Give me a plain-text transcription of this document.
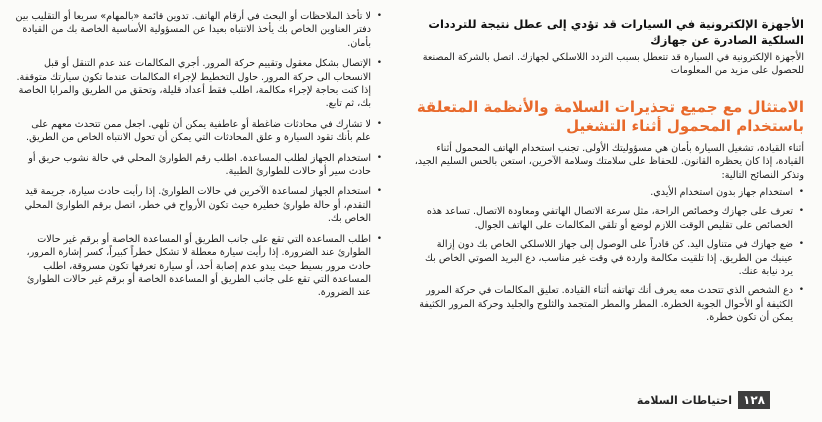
الأجهزة الإلكترونية في السيارات قد تؤدي إلى عطل نتيجة للترددات السلكية الصادرة عن جهازك

الأجهزة الإلكترونية في السيارة قد تتعطل بسبب التردد اللاسلكي لجهازك. اتصل بالشركة المصنعة للحصول على مزيد من المعلومات

الامتثال مع جميع تحذيرات السلامة والأنظمة المتعلقة باستخدام المحمول أثناء التشغيل

أثناء القيادة، تشغيل السيارة بأمان هي مسؤوليتك الأولى. تجنب استخدام الهاتف المحمول أثناء القيادة، إذا كان يحظره القانون. للحفاظ على سلامتك وسلامة الآخرين، استعن بالحس السليم الجيد، وتذكر النصائح التالية:

•
استخدام جهاز بدون استخدام الأيدي.
•
تعرف على جهازك وخصائص الراحة، مثل سرعة الاتصال الهاتفي ومعاودة الاتصال. تساعد هذه الخصائص على تقليص الوقت اللازم لوضع أو تلقي المكالمات على الهاتف الجوال.
•
ضع جهازك في متناول اليد. كن قادراً على الوصول إلى جهاز اللاسلكي الخاص بك دون إزالة عينيك من الطريق. إذا تلقيت مكالمة واردة في وقت غير مناسب، دع البريد الصوتي الخاص بك يرد نيابة عنك.
•
دع الشخص الذي تتحدث معه يعرف أنك تهاتفه أثناء القيادة. تعليق المكالمات في حركة المرور الكثيفة أو الأحوال الجوية الخطرة. المطر والمطر المتجمد والثلوج والجليد وحركة المرور الكثيفة يمكن أن تكون خطرة.
•
لا تأخذ الملاحظات أو البحث في أرقام الهاتف. تدوين قائمة «بالمهام» سريعا أو التقليب بين دفتر العناوين الخاص بك يأخذ الانتباه بعيدا عن المسؤولية الأساسية الخاصة بك من القيادة بأمان.
•
الإتصال بشكل معقول وتقييم حركة المرور. أجري المكالمات عند عدم التنقل أو قبل الانسحاب الى حركة المرور. حاول التخطيط لإجراء المكالمات عندما تكون سيارتك متوقفة. إذا كنت بحاجة لإجراء مكالمة، اطلب فقط أعداد قليلة، وتحقق من الطريق والمرايا الخاصة بك، ثم تابع.
•
لا تشارك في محادثات ضاغطة أو عاطفية يمكن أن تلهي. اجعل ممن تتحدث معهم على علم بأنك تقود السيارة و علق المحادثات التي يمكن أن تحول الانتباه الخاص من الطريق.
•
استخدام الجهاز لطلب المساعدة. اطلب رقم الطوارئ المحلي في حالة نشوب حريق أو حادث سير أو حالات للطوارئ الطبية.
•
استخدام الجهاز لمساعدة الآخرين في حالات الطوارئ. إذا رأيت حادث سيارة، جريمة قيد التقدم، أو حالة طوارئ خطيرة حيث تكون الأرواح في خطر، اتصل برقم الطوارئ المحلي الخاص بك.
•
اطلب المساعدة التي تقع على جانب الطريق أو المساعدة الخاصة أو برقم غير حالات الطوارئ عند الضرورة. إذا رأيت سيارة معطلة لا تشكل خطراً كبيراً، كسر إشارة المرور، حادث مرور بسيط حيث يبدو عدم إصابة أحد، أو سيارة تعرفها تكون مسروقة، اطلب المساعدة التي تقع على جانب الطريق أو المساعدة الخاصة أو برقم غير حالات الطوارئ عند الضرورة.
١٢٨
احتياطات السلامة
